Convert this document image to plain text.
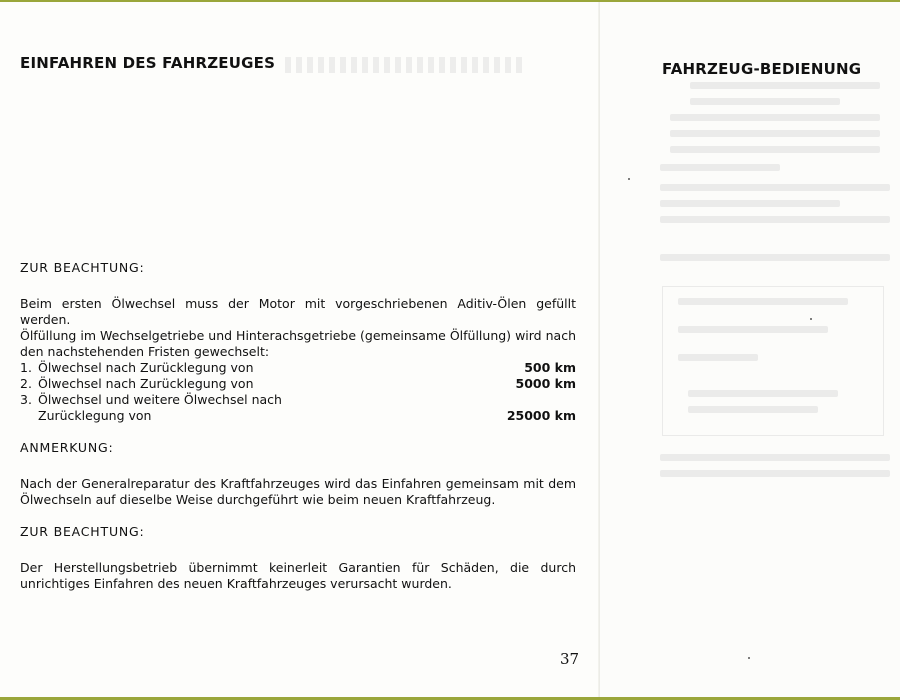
EINFAHREN DES FAHRZEUGES

ZUR BEACHTUNG:

Beim ersten Ölwechsel muss der Motor mit vorgeschriebenen Aditiv-Ölen gefüllt werden.

Ölfüllung im Wechselgetriebe und Hinterachsgetriebe (gemeinsame Ölfüllung) wird nach den nachstehenden Fristen gewechselt:

1. Ölwechsel nach Zurücklegung von	500 km
2. Ölwechsel nach Zurücklegung von	5000 km
3. Ölwechsel und weitere Ölwechsel nach
Zurücklegung von	25000 km

ANMERKUNG:

Nach der Generalreparatur des Kraftfahrzeuges wird das Einfahren gemeinsam mit dem Ölwechseln auf dieselbe Weise durchgeführt wie beim neuen Kraftfahrzeug.

ZUR BEACHTUNG:

Der Herstellungsbetrieb übernimmt keinerleit Garantien für Schäden, die durch unrichtiges Einfahren des neuen Kraftfahrzeuges verursacht wurden.

37
FAHRZEUG-BEDIENUNG
